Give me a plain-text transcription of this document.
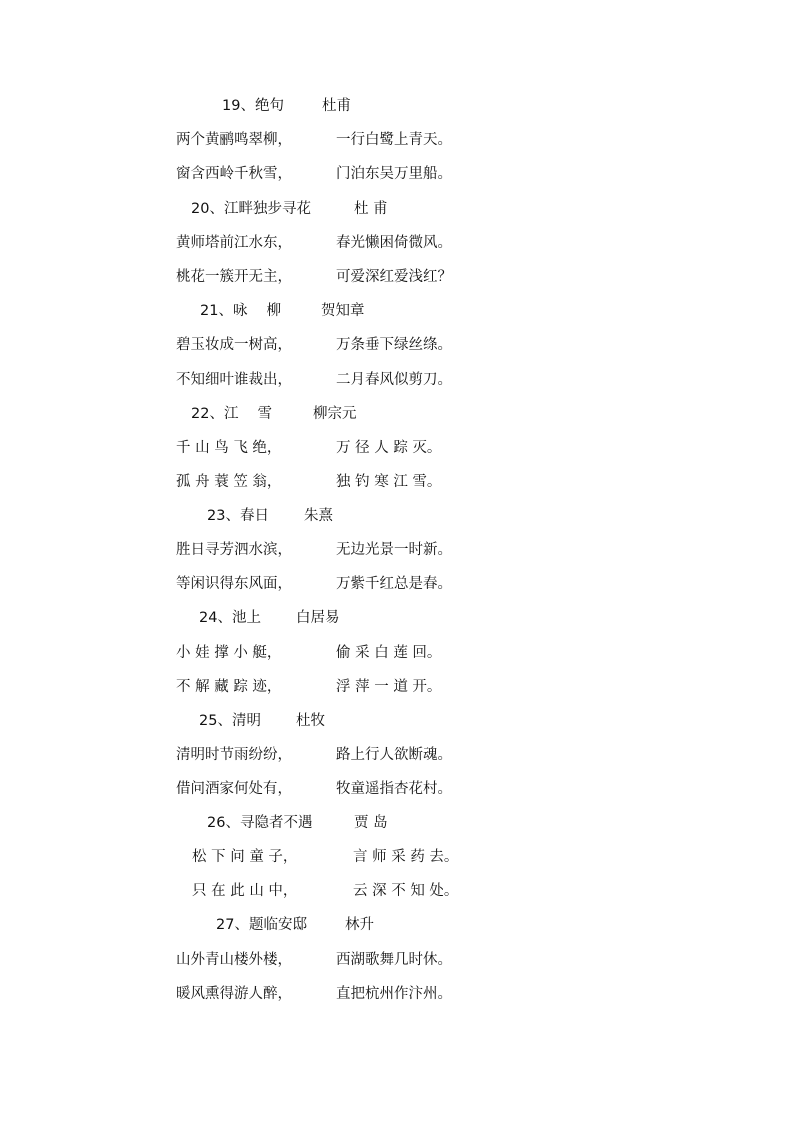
19、绝句	杜甫
两个黄鹂鸣翠柳，	一行白鹭上青天。
窗含西岭千秋雪，	门泊东吴万里船。
20、江畔独步寻花	杜 甫
黄师塔前江水东，	春光懒困倚微风。
桃花一簇开无主，	可爱深红爱浅红？
21、咏　 柳	贺知章
碧玉妆成一树高，	万条垂下绿丝绦。
不知细叶谁裁出，	二月春风似剪刀。
22、江　 雪	柳宗元
千 山 鸟 飞 绝，	万 径 人 踪 灭。
孤 舟 蓑 笠 翁，	独 钓 寒 江 雪。
23、春日 朱熹
胜日寻芳泗水滨，	无边光景一时新。
等闲识得东风面，	万紫千红总是春。
24、池上 白居易
小 娃 撑 小 艇，	偷 采 白 莲 回。
不 解 藏 踪 迹，	浮 萍 一 道 开。
25、清明 杜牧
清明时节雨纷纷，	路上行人欲断魂。
借问酒家何处有，	牧童遥指杏花村。
26、寻隐者不遇	贾 岛
松 下 问 童 子，	言 师 采 药 去。
只 在 此 山 中，	云 深 不 知 处。
27、题临安邸	林升
山外青山楼外楼，	西湖歌舞几时休。
暖风熏得游人醉，	直把杭州作汴州。
